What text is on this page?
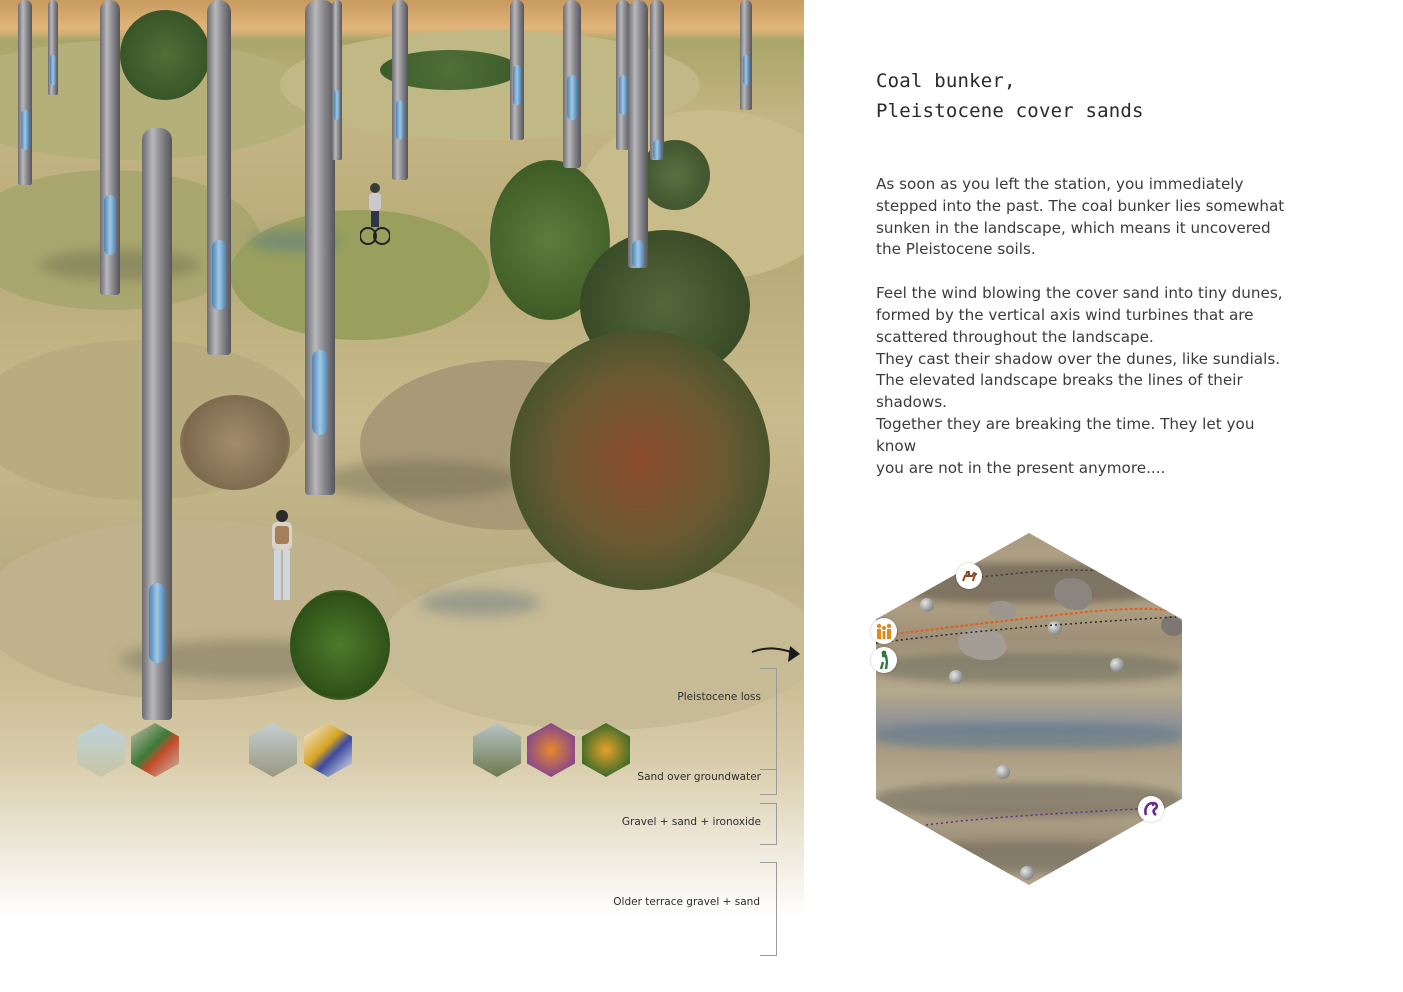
Pleistocene loss
Sand over groundwater
Gravel + sand + ironoxide
Older terrace gravel + sand
Coal bunker,
Pleistocene cover sands

As soon as you left the station, you immediately
stepped into the past. The coal bunker lies somewhat
sunken in the landscape, which means it uncovered
the Pleistocene soils.

Feel the wind blowing the cover sand into tiny dunes,
formed by the vertical axis wind turbines that are
scattered throughout the landscape.
They cast their shadow over the dunes, like sundials.
The elevated landscape breaks the lines of their
shadows.
Together they are breaking the time. They let you know
you are not in the present anymore....
